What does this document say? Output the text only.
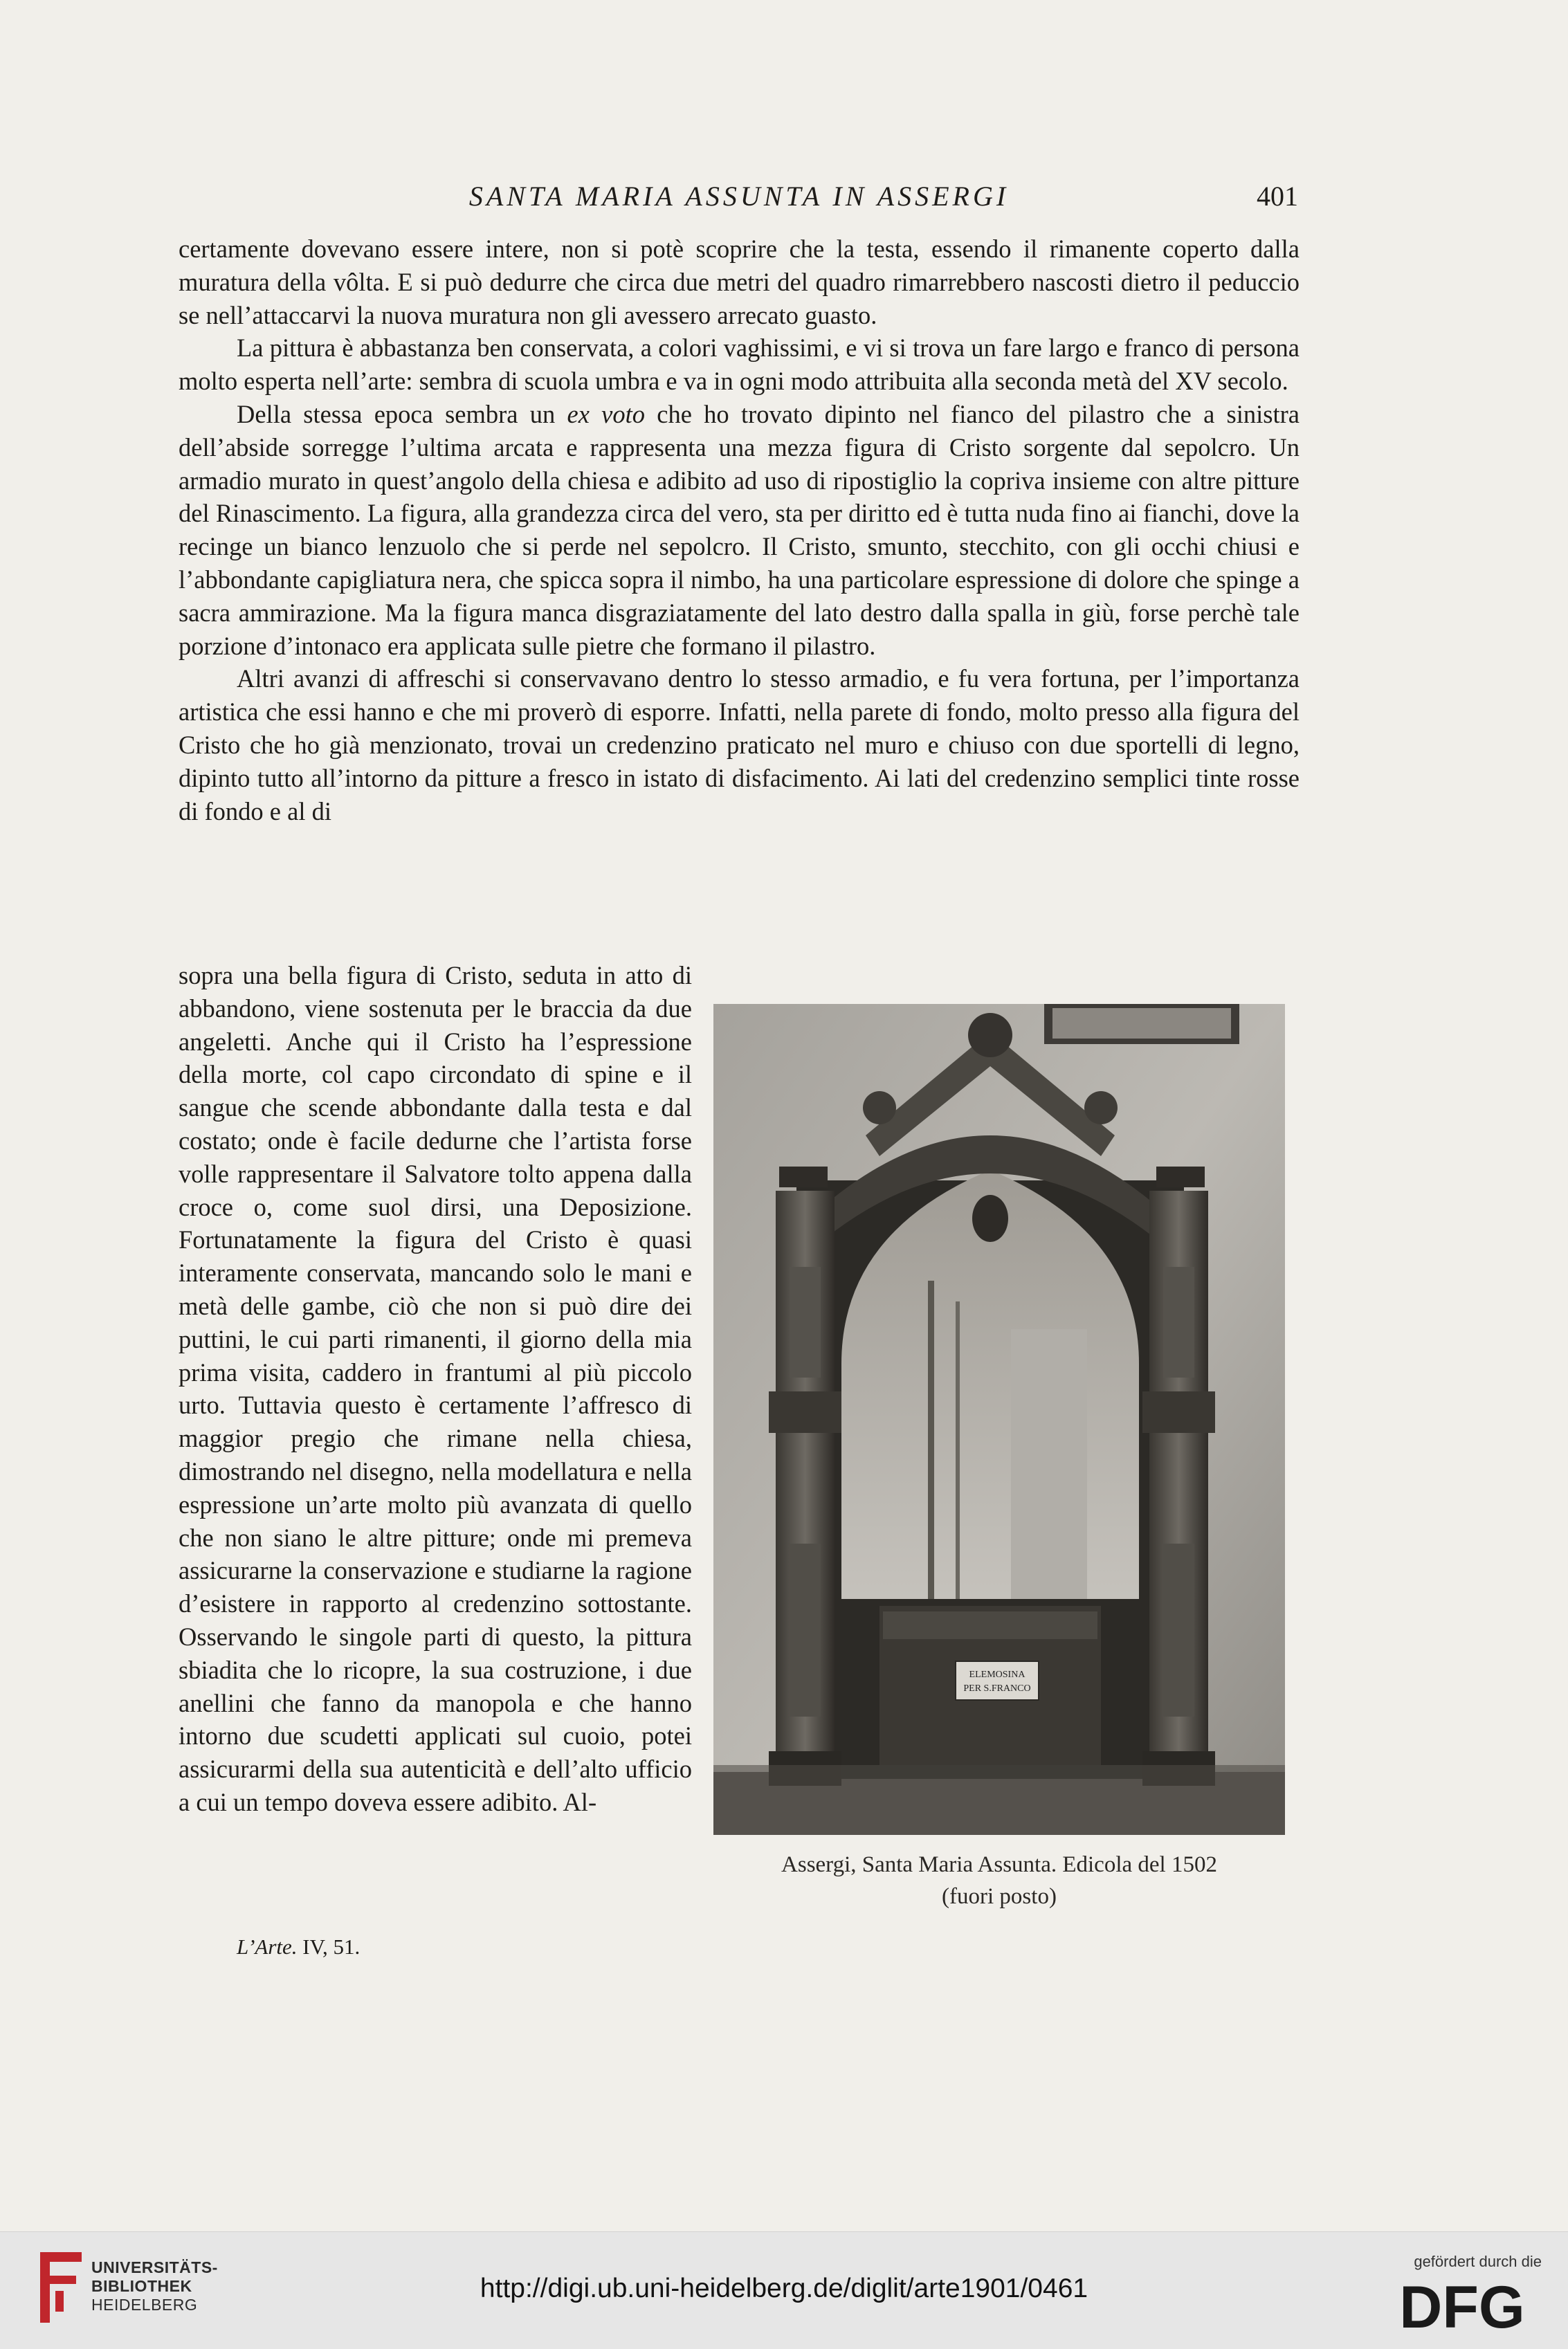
SANTA MARIA ASSUNTA IN ASSERGI	401

certamente dovevano essere intere, non si potè scoprire che la testa, essendo il rimanente coperto dalla muratura della vôlta. E si può dedurre che circa due metri del quadro rimarrebbero nascosti dietro il peduccio se nell’attaccarvi la nuova muratura non gli avessero arrecato guasto.

La pittura è abbastanza ben conservata, a colori vaghissimi, e vi si trova un fare largo e franco di persona molto esperta nell’arte: sembra di scuola umbra e va in ogni modo attribuita alla seconda metà del XV secolo.

Della stessa epoca sembra un ex voto che ho trovato dipinto nel fianco del pilastro che a sinistra dell’abside sorregge l’ultima arcata e rappresenta una mezza figura di Cristo sorgente dal sepolcro. Un armadio murato in quest’angolo della chiesa e adibito ad uso di ripostiglio la copriva insieme con altre pitture del Rinascimento. La figura, alla grandezza circa del vero, sta per diritto ed è tutta nuda fino ai fianchi, dove la recinge un bianco lenzuolo che si perde nel sepolcro. Il Cristo, smunto, stecchito, con gli occhi chiusi e l’abbondante capigliatura nera, che spicca sopra il nimbo, ha una particolare espressione di dolore che spinge a sacra ammirazione. Ma la figura manca disgraziatamente del lato destro dalla spalla in giù, forse perchè tale porzione d’intonaco era applicata sulle pietre che formano il pilastro.

Altri avanzi di affreschi si conservavano dentro lo stesso armadio, e fu vera fortuna, per l’importanza artistica che essi hanno e che mi proverò di esporre. Infatti, nella parete di fondo, molto presso alla figura del Cristo che ho già menzionato, trovai un credenzino praticato nel muro e chiuso con due sportelli di legno, dipinto tutto all’intorno da pitture a fresco in istato di disfacimento. Ai lati del credenzino semplici tinte rosse di fondo e al di

sopra una bella figura di Cristo, seduta in atto di abbandono, viene sostenuta per le braccia da due angeletti. Anche qui il Cristo ha l’espressione della morte, col capo circondato di spine e il sangue che scende abbondante dalla testa e dal costato; onde è facile dedurne che l’artista forse volle rappresentare il Salvatore tolto appena dalla croce o, come suol dirsi, una Deposizione. Fortunatamente la figura del Cristo è quasi interamente conservata, mancando solo le mani e metà delle gambe, ciò che non si può dire dei puttini, le cui parti rimanenti, il giorno della mia prima visita, caddero in frantumi al più piccolo urto. Tuttavia questo è certamente l’affresco di maggior pregio che rimane nella chiesa, dimostrando nel disegno, nella modellatura e nella espressione un’arte molto più avanzata di quello che non siano le altre pitture; onde mi premeva assicurarne la conservazione e studiarne la ragione d’esistere in rapporto al credenzino sottostante. Osservando le singole parti di questo, la pittura sbiadita che lo ricopre, la sua costruzione, i due anellini che fanno da manopola e che hanno intorno due scudetti applicati sul cuoio, potei assicurarmi della sua autenticità e dell’alto ufficio a cui un tempo doveva essere adibito. Al-

ELEMOSINA
PER S.FRANCO
Assergi, Santa Maria Assunta. Edicola del 1502
(fuori posto)
L’Arte. IV, 51.
UNIVERSITÄTS-
BIBLIOTHEK
HEIDELBERG
http://digi.ub.uni-heidelberg.de/diglit/arte1901/0461
gefördert durch die
DFG
